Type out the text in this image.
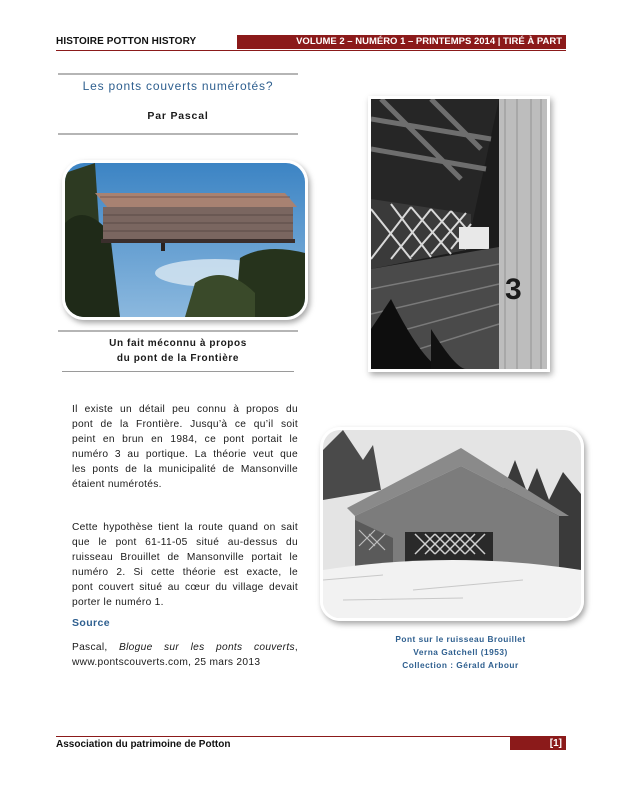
HISTOIRE POTTON HISTORY	VOLUME 2 – NUMÉRO 1 – PRINTEMPS 2014 | TIRÉ À PART
Les ponts couverts numérotés?
Par Pascal
Un fait méconnu à propos
du pont de la Frontière
Il existe un détail peu connu à propos du
pont de la Frontière. Jusqu’à ce qu’il soit
peint en brun en 1984, ce pont portait le
numéro 3 au portique. La théorie veut que
les ponts de la municipalité de Mansonville
étaient numérotés.
Cette hypothèse tient la route quand on sait
que le pont 61-11-05 situé au-dessus du
ruisseau Brouillet de Mansonville portait le
numéro 2. Si cette théorie est exacte, le
pont couvert situé au cœur du village devait
porter le numéro 1.
Source
Pascal, Blogue sur les ponts couverts,
www.pontscouverts.com, 25 mars 2013
3
Pont sur le ruisseau Brouillet
Verna Gatchell (1953)
Collection : Gérald Arbour
Association du patrimoine de Potton	[1]
